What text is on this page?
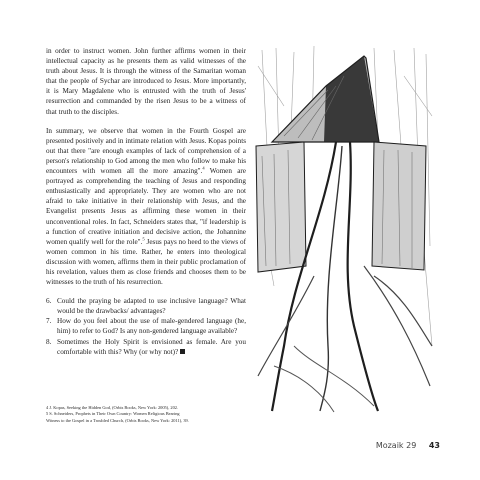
in order to instruct women. John further affirms women in their intellectual capacity as he presents them as valid witnesses of the truth about Jesus. It is through the witness of the Samaritan woman that the people of Sychar are introduced to Jesus. More importantly, it is Mary Magdalene who is entrusted with the truth of Jesus' resurrection and commanded by the risen Jesus to be a witness of that truth to the disciples.

In summary, we observe that women in the Fourth Gospel are presented positively and in intimate relation with Jesus. Kopas points out that there "are enough examples of lack of comprehension of a person's relationship to God among the men who follow to make his encounters with women all the more amazing".$^4$ Women are portrayed as comprehending the teaching of Jesus and responding enthusiastically and appropriately. They are women who are not afraid to take initiative in their relationship with Jesus, and the Evangelist presents Jesus as affirming these women in their unconventional roles. In fact, Schneiders states that, "if leadership is a function of creative initiation and decisive action, the Johannine women qualify well for the role".$^5$ Jesus pays no heed to the views of women common in his time. Rather, he enters into theological discussion with women, affirms them in their public proclamation of his revelation, values them as close friends and chooses them to be witnesses to the truth of his resurrection.

6. Could the praying be adapted to use inclusive language? What would be the drawbacks/ advantages?
7. How do you feel about the use of male-gendered language (he, him) to refer to God? Is any non-gendered language available?
8. Sometimes the Holy Spirit is envisioned as female. Are you comfortable with this? Why (or why not)?
4 J. Kopas, Seeking the Hidden God, (Orbis Books, New York: 2005), 202.
5 S. Schneiders, Prophets in Their Own Country: Women Religious Bearing
Witness to the Gospel in a Troubled Church, (Orbis Books, New York: 2011), 39.
Mozaik 29 43
